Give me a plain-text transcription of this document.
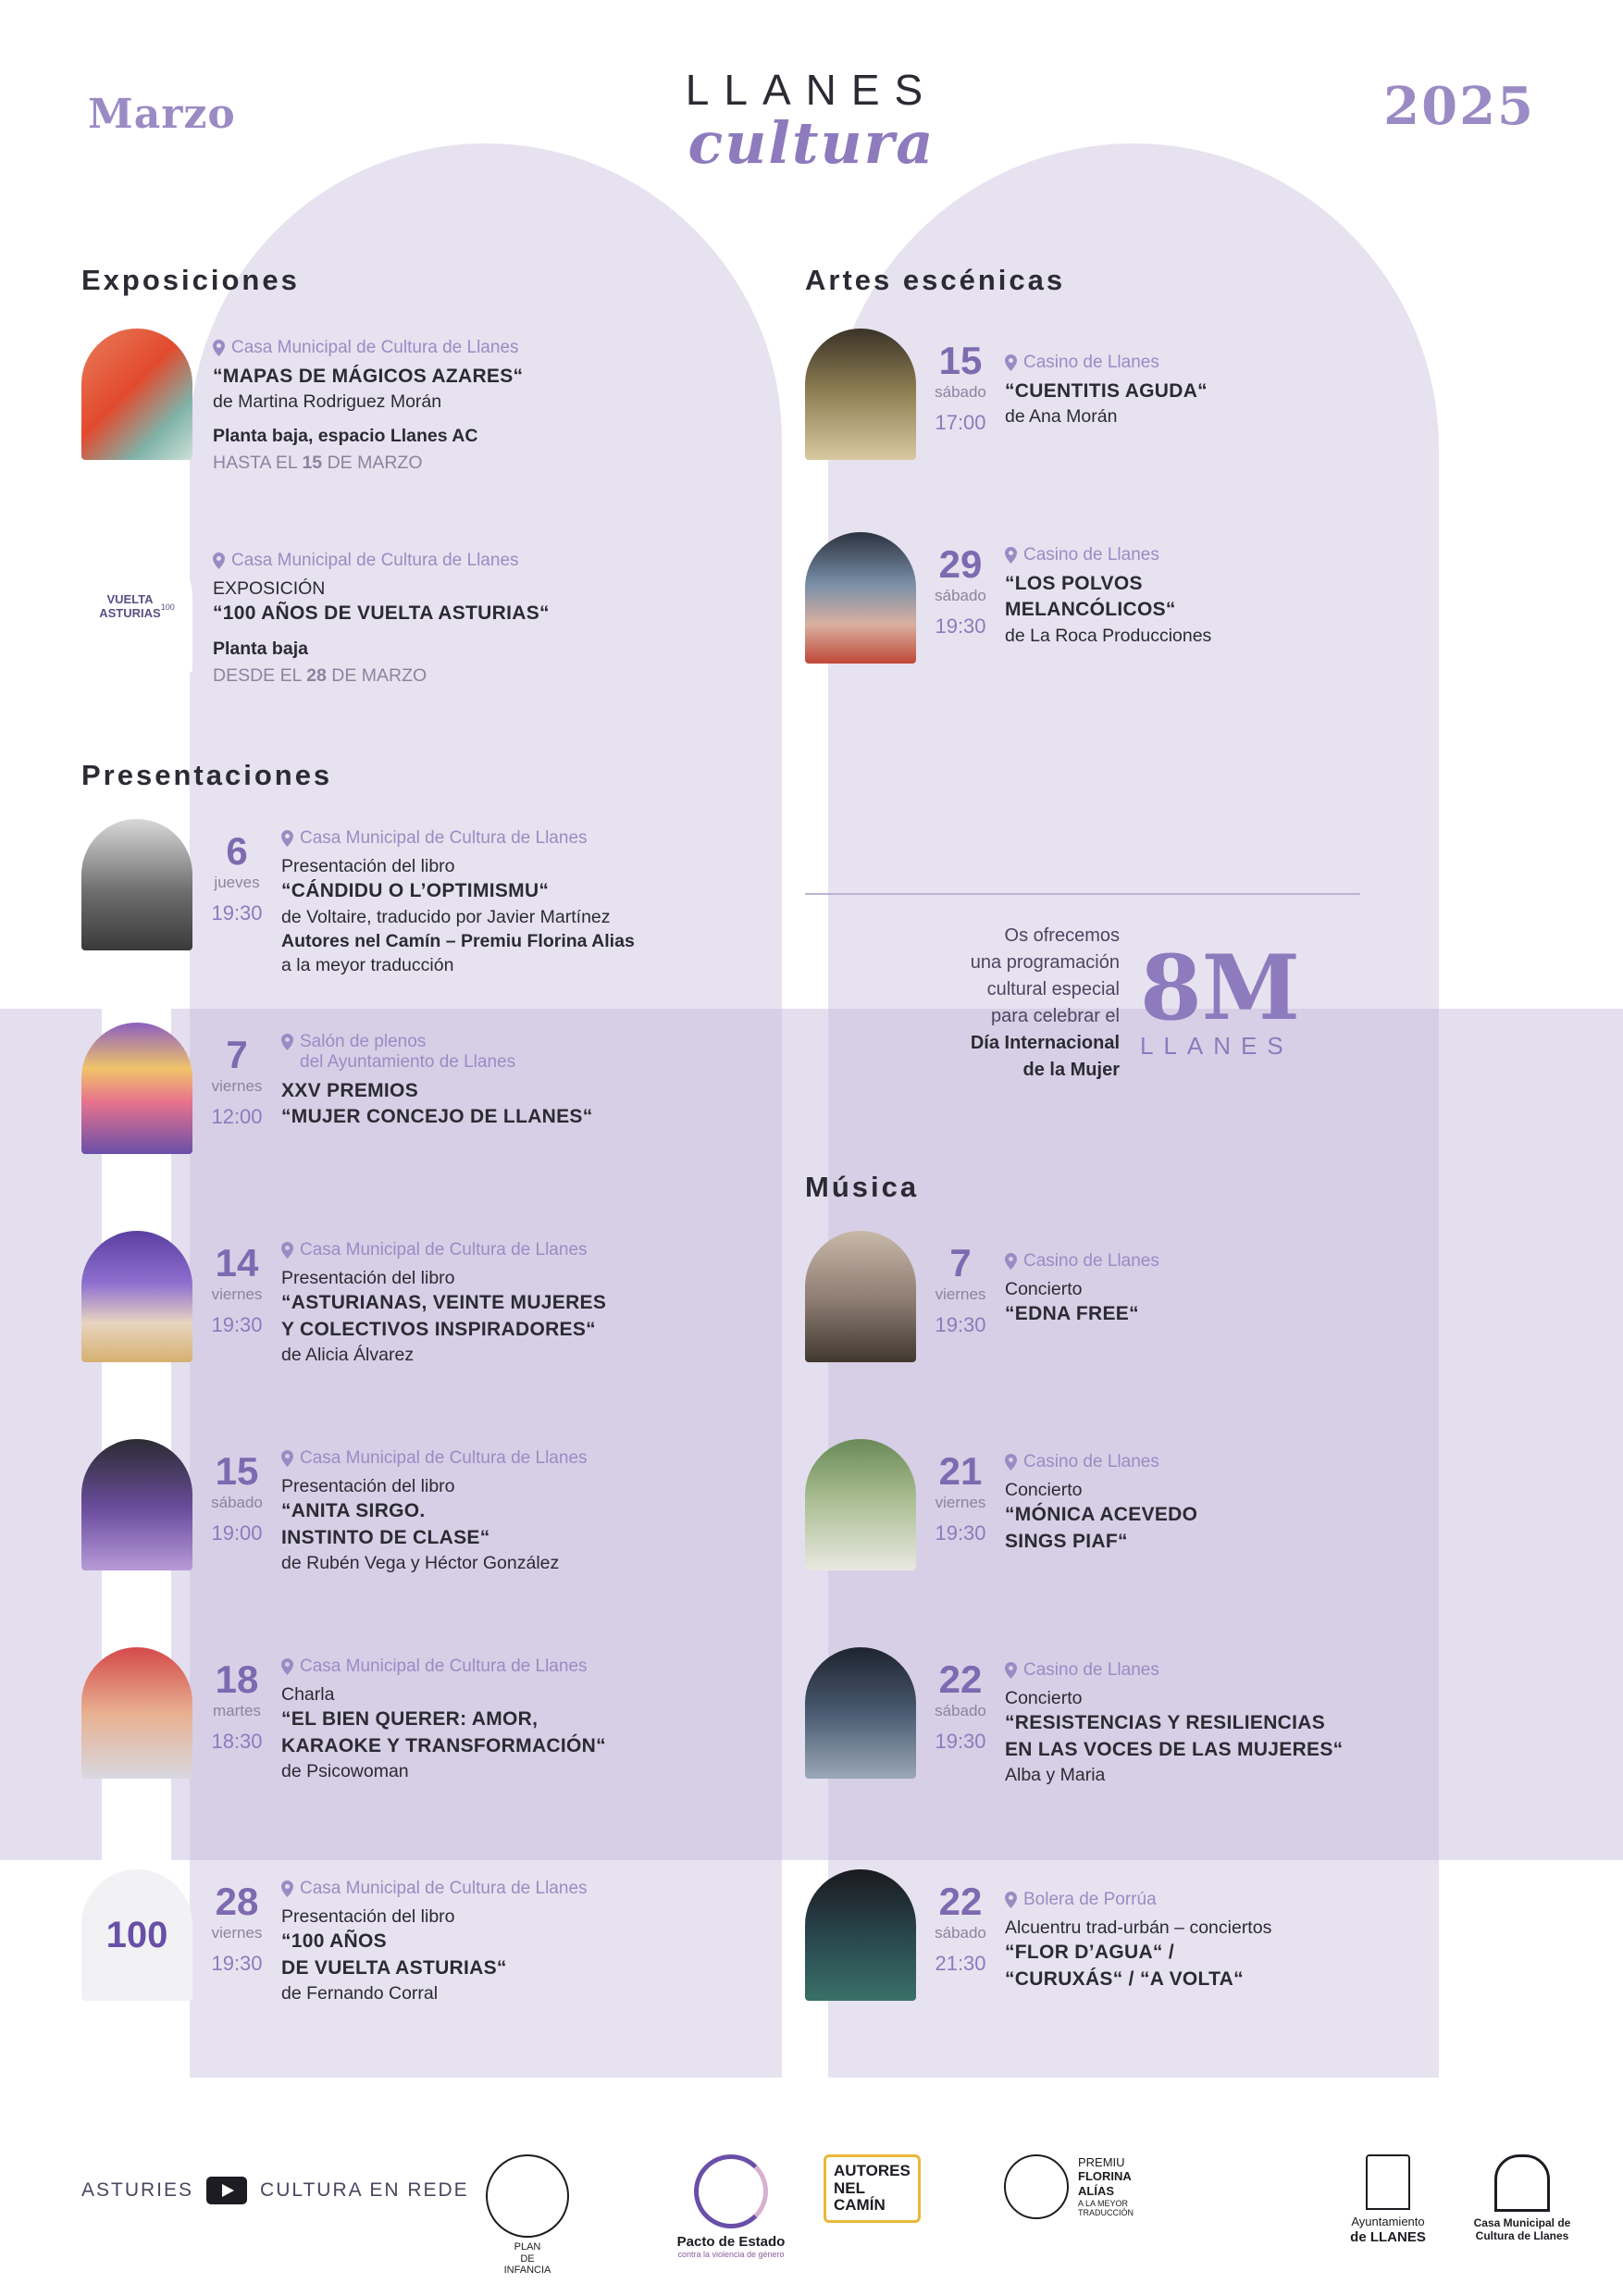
Marzo	2025
LLANES
cultura
Exposiciones
Casa Municipal de Cultura de Llanes
“MAPAS DE MÁGICOS AZARES“
de Martina Rodriguez Morán
Planta baja, espacio Llanes AC
HASTA EL 15 DE MARZO
VUELTA
ASTURIAS 100
Casa Municipal de Cultura de Llanes
EXPOSICIÓN
“100 AÑOS DE VUELTA ASTURIAS“
Planta baja
DESDE EL 28 DE MARZO
Presentaciones
6
jueves
19:30
Casa Municipal de Cultura de Llanes
Presentación del libro
“CÁNDIDU O L’OPTIMISMU“
de Voltaire, traducido por Javier Martínez
Autores nel Camín – Premiu Florina Alias
a la meyor traducción
7
viernes
12:00
Salón de plenos
del Ayuntamiento de Llanes
XXV PREMIOS
“MUJER CONCEJO DE LLANES“
14
viernes
19:30
Casa Municipal de Cultura de Llanes
Presentación del libro
“ASTURIANAS, VEINTE MUJERES
Y COLECTIVOS INSPIRADORES“
de Alicia Álvarez
15
sábado
19:00
Casa Municipal de Cultura de Llanes
Presentación del libro
“ANITA SIRGO.
INSTINTO DE CLASE“
de Rubén Vega y Héctor González
18
martes
18:30
Casa Municipal de Cultura de Llanes
Charla
“EL BIEN QUERER: AMOR,
KARAOKE Y TRANSFORMACIÓN“
de Psicowoman
100
28
viernes
19:30
Casa Municipal de Cultura de Llanes
Presentación del libro
“100 AÑOS
DE VUELTA ASTURIAS“
de Fernando Corral
Artes escénicas
15
sábado
17:00
Casino de Llanes
“CUENTITIS AGUDA“
de Ana Morán
29
sábado
19:30
Casino de Llanes
“LOS POLVOS
MELANCÓLICOS“
de La Roca Producciones
Os ofrecemos
una programación
cultural especial
para celebrar el
Día Internacional
de la Mujer
8M
LLANES
Música
7
viernes
19:30
Casino de Llanes
Concierto
“EDNA FREE“
21
viernes
19:30
Casino de Llanes
Concierto
“MÓNICA ACEVEDO
SINGS PIAF“
22
sábado
19:30
Casino de Llanes
Concierto
“RESISTENCIAS Y RESILIENCIAS
EN LAS VOCES DE LAS MUJERES“
Alba y Maria
22
sábado
21:30
Bolera de Porrúa
Alcuentru trad-urbán – conciertos
“FLOR D’AGUA“ /
“CURUXÁS“ / “A VOLTA“
ASTURIES	CULTURA EN REDE
PLAN
DE
INFANCIA
Pacto de Estado
contra la violencia de género
AUTORES
NEL
CAMÍN
PREMIU
FLORINA
ALÍAS
A LA MEYOR
TRADUCCIÓN
Ayuntamiento
de LLANES
Casa Municipal de
Cultura de Llanes
